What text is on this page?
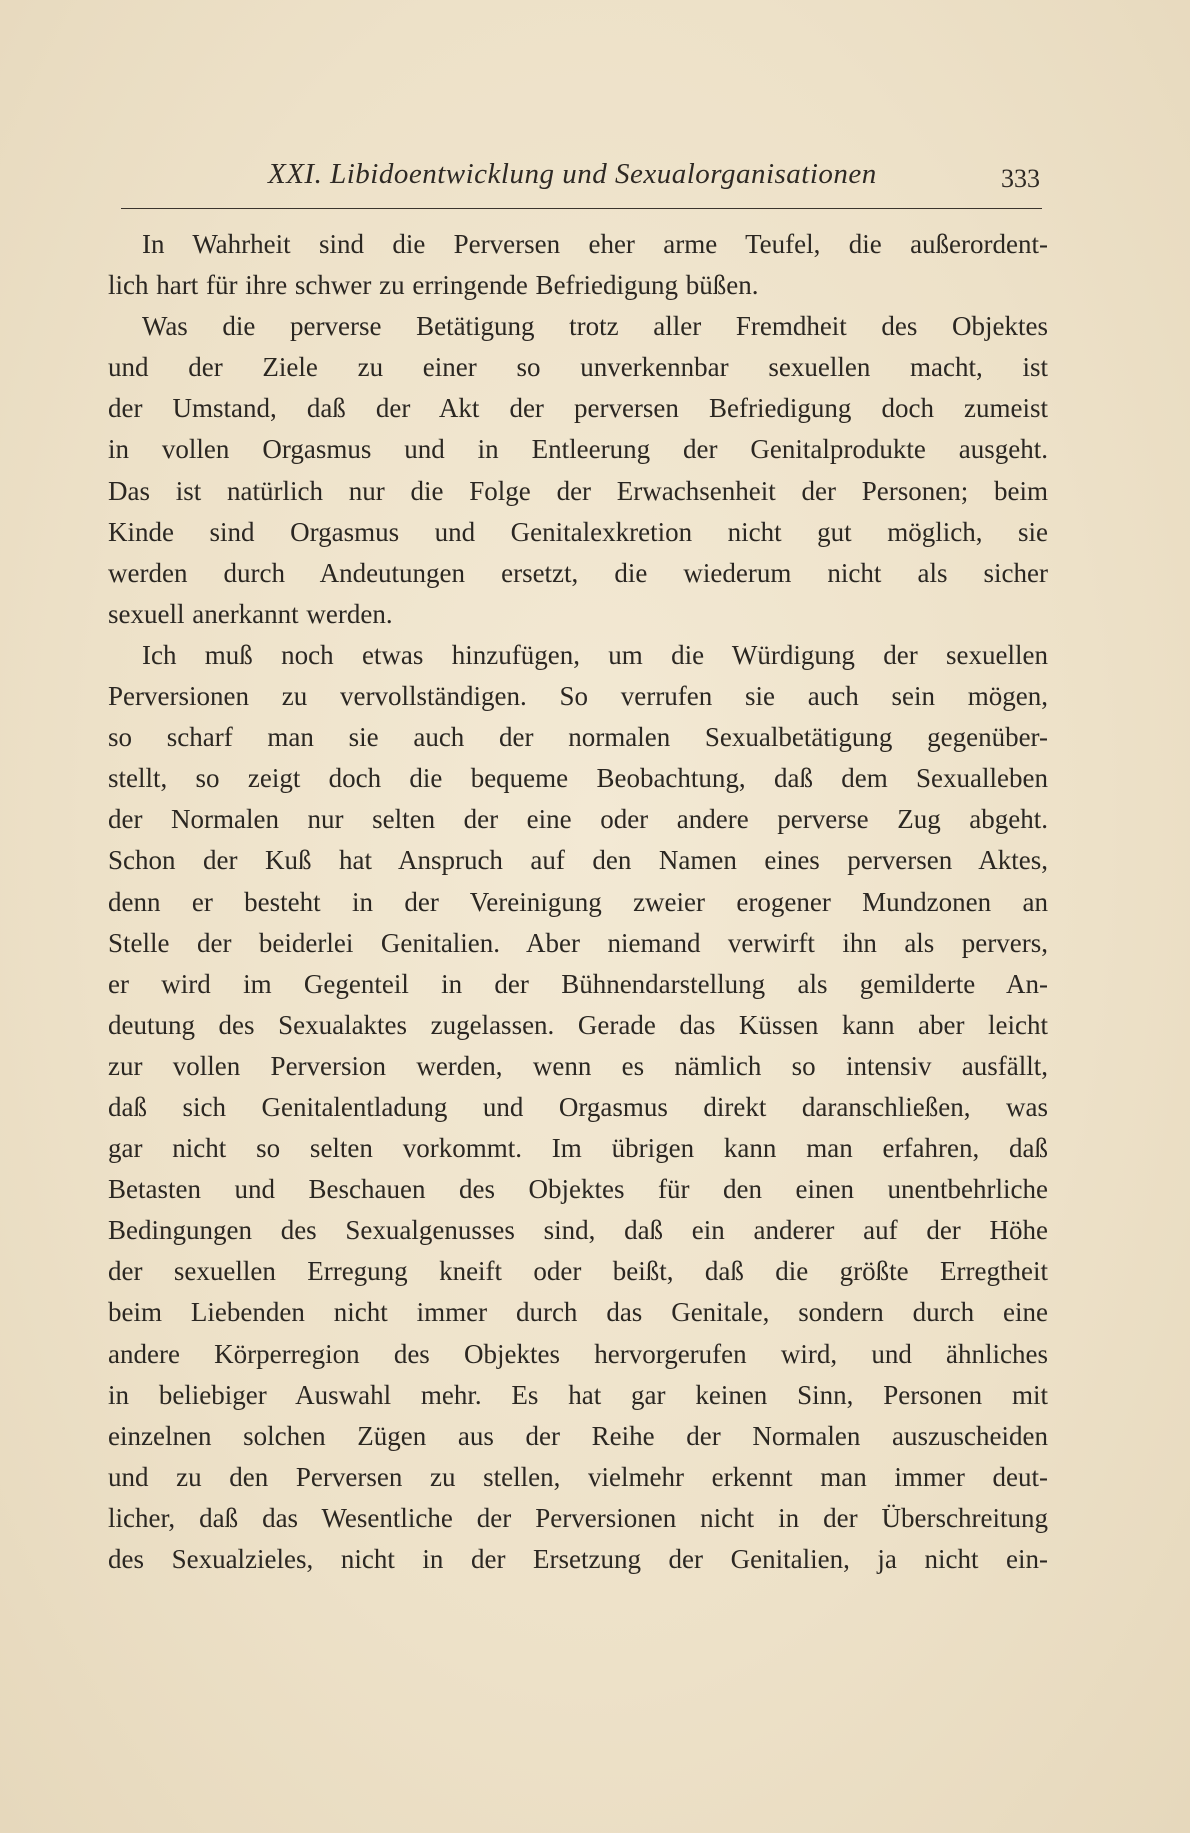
XXI. Libidoentwicklung und Sexualorganisationen	333
In Wahrheit sind die Perversen eher arme Teufel, die außerordent-
lich hart für ihre schwer zu erringende Befriedigung büßen.
Was die perverse Betätigung trotz aller Fremdheit des Objektes
und der Ziele zu einer so unverkennbar sexuellen macht, ist
der Umstand, daß der Akt der perversen Befriedigung doch zumeist
in vollen Orgasmus und in Entleerung der Genitalprodukte ausgeht.
Das ist natürlich nur die Folge der Erwachsenheit der Personen; beim
Kinde sind Orgasmus und Genitalexkretion nicht gut möglich, sie
werden durch Andeutungen ersetzt, die wiederum nicht als sicher
sexuell anerkannt werden.
Ich muß noch etwas hinzufügen, um die Würdigung der sexuellen
Perversionen zu vervollständigen. So verrufen sie auch sein mögen,
so scharf man sie auch der normalen Sexualbetätigung gegenüber-
stellt, so zeigt doch die bequeme Beobachtung, daß dem Sexualleben
der Normalen nur selten der eine oder andere perverse Zug abgeht.
Schon der Kuß hat Anspruch auf den Namen eines perversen Aktes,
denn er besteht in der Vereinigung zweier erogener Mundzonen an
Stelle der beiderlei Genitalien. Aber niemand verwirft ihn als pervers,
er wird im Gegenteil in der Bühnendarstellung als gemilderte An-
deutung des Sexualaktes zugelassen. Gerade das Küssen kann aber leicht
zur vollen Perversion werden, wenn es nämlich so intensiv ausfällt,
daß sich Genitalentladung und Orgasmus direkt daranschließen, was
gar nicht so selten vorkommt. Im übrigen kann man erfahren, daß
Betasten und Beschauen des Objektes für den einen unentbehrliche
Bedingungen des Sexualgenusses sind, daß ein anderer auf der Höhe
der sexuellen Erregung kneift oder beißt, daß die größte Erregtheit
beim Liebenden nicht immer durch das Genitale, sondern durch eine
andere Körperregion des Objektes hervorgerufen wird, und ähnliches
in beliebiger Auswahl mehr. Es hat gar keinen Sinn, Personen mit
einzelnen solchen Zügen aus der Reihe der Normalen auszuscheiden
und zu den Perversen zu stellen, vielmehr erkennt man immer deut-
licher, daß das Wesentliche der Perversionen nicht in der Überschreitung
des Sexualzieles, nicht in der Ersetzung der Genitalien, ja nicht ein-
